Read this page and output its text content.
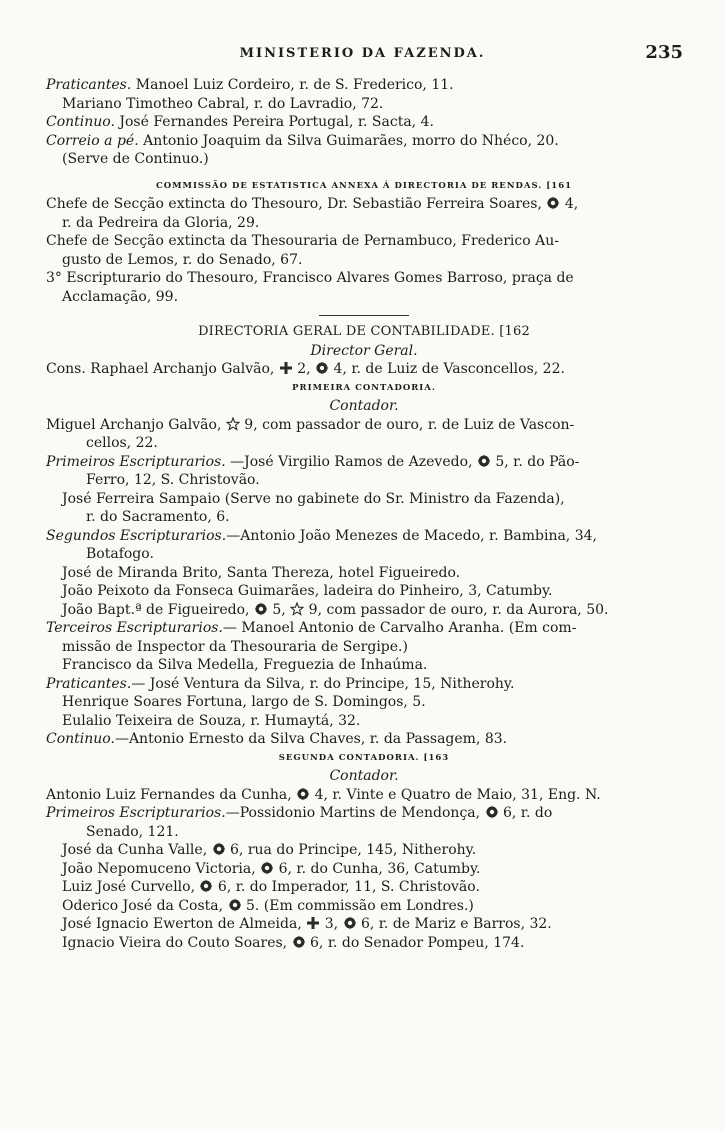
MINISTERIO DA FAZENDA.	235
Praticantes. Manoel Luiz Cordeiro, r. de S. Frederico, 11.
Mariano Timotheo Cabral, r. do Lavradio, 72.
Continuo. José Fernandes Pereira Portugal, r. Sacta, 4.
Correio a pé. Antonio Joaquim da Silva Guimarães, morro do Nhéco, 20.
(Serve de Continuo.)
COMMISSÃO DE ESTATISTICA ANNEXA Á DIRECTORIA DE RENDAS. [161
Chefe de Secção extincta do Thesouro, Dr. Sebastião Ferreira Soares,
4,
r. da Pedreira da Gloria, 29.
Chefe de Secção extincta da Thesouraria de Pernambuco, Frederico Au-
gusto de Lemos, r. do Senado, 67.
3° Escripturario do Thesouro, Francisco Alvares Gomes Barroso, praça de
Acclamação, 99.
DIRECTORIA GERAL DE CONTABILIDADE. [162
Director Geral.
Cons. Raphael Archanjo Galvão,
2,
4, r. de Luiz de Vasconcellos, 22.
PRIMEIRA CONTADORIA.
Contador.
Miguel Archanjo Galvão,
9, com passador de ouro, r. de Luiz de Vascon-
cellos, 22.
Primeiros Escripturarios. —José Virgilio Ramos de Azevedo,
5, r. do Pão-
Ferro, 12, S. Christovão.
José Ferreira Sampaio (Serve no gabinete do Sr. Ministro da Fazenda),
r. do Sacramento, 6.
Segundos Escripturarios.—Antonio João Menezes de Macedo, r. Bambina, 34,
Botafogo.
José de Miranda Brito, Santa Thereza, hotel Figueiredo.
João Peixoto da Fonseca Guimarães, ladeira do Pinheiro, 3, Catumby.
João Bapt.ª de Figueiredo,
5,
9, com passador de ouro, r. da Aurora, 50.
Terceiros Escripturarios.— Manoel Antonio de Carvalho Aranha. (Em com-
missão de Inspector da Thesouraria de Sergipe.)
Francisco da Silva Medella, Freguezia de Inhaúma.
Praticantes.— José Ventura da Silva, r. do Principe, 15, Nitherohy.
Henrique Soares Fortuna, largo de S. Domingos, 5.
Eulalio Teixeira de Souza, r. Humaytá, 32.
Continuo.—Antonio Ernesto da Silva Chaves, r. da Passagem, 83.
SEGUNDA CONTADORIA. [163
Contador.
Antonio Luiz Fernandes da Cunha,
4, r. Vinte e Quatro de Maio, 31, Eng. N.
Primeiros Escripturarios.—Possidonio Martins de Mendonça,
6, r. do
Senado, 121.
José da Cunha Valle,
6, rua do Principe, 145, Nitherohy.
João Nepomuceno Victoria,
6, r. do Cunha, 36, Catumby.
Luiz José Curvello,
6, r. do Imperador, 11, S. Christovão.
Oderico José da Costa,
5. (Em commissão em Londres.)
José Ignacio Ewerton de Almeida,
3,
6, r. de Mariz e Barros, 32.
Ignacio Vieira do Couto Soares,
6, r. do Senador Pompeu, 174.
